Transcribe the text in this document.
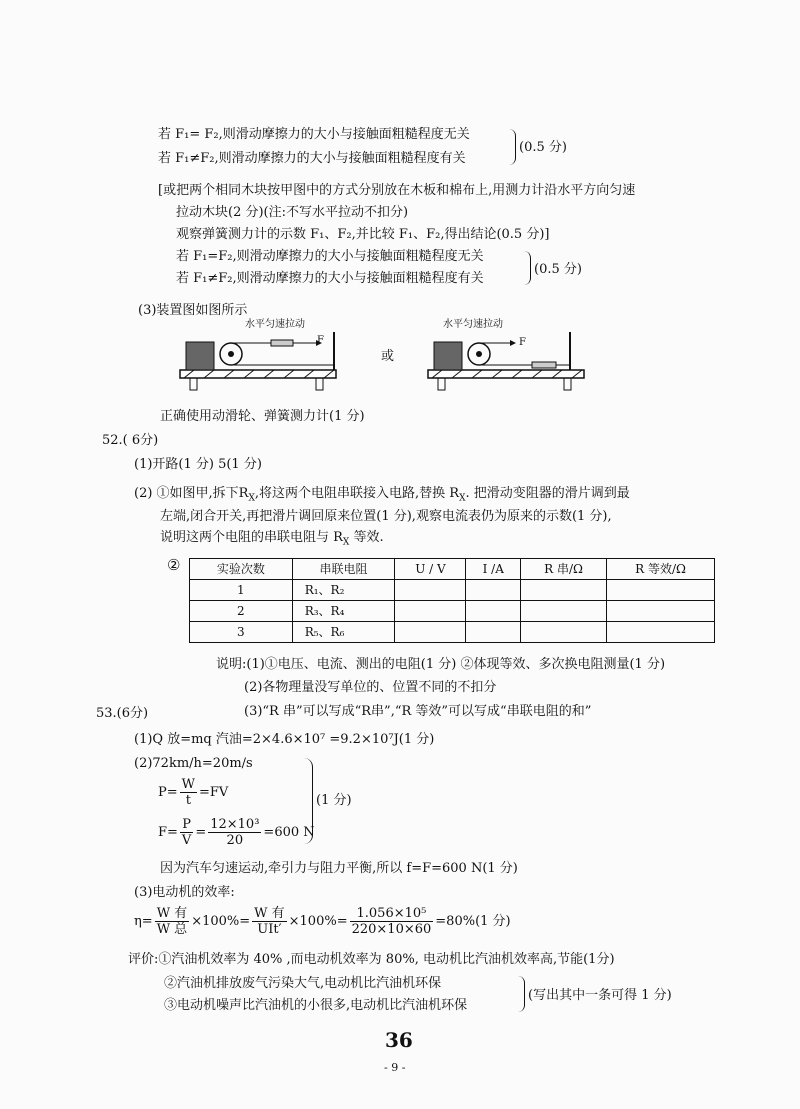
若 F₁= F₂,则滑动摩擦力的大小与接触面粗糙程度无关
若 F₁≠F₂,则滑动摩擦力的大小与接触面粗糙程度有关
(0.5 分)
[或把两个相同木块按甲图中的方式分别放在木板和棉布上,用测力计沿水平方向匀速
拉动木块(2 分)(注:不写水平拉动不扣分)
观察弹簧测力计的示数 F₁、F₂,并比较 F₁、F₂,得出结论(0.5 分)]
若 F₁=F₂,则滑动摩擦力的大小与接触面粗糙程度无关
若 F₁≠F₂,则滑动摩擦力的大小与接触面粗糙程度有关
(0.5 分)
(3)装置图如图所示
水平匀速拉动
F
或
水平匀速拉动
F
正确使用动滑轮、弹簧测力计(1 分)
52.( 6分)
(1)开路(1 分) 5(1 分)
(2) ①如图甲,拆下$R_X$,将这两个电阻串联接入电路,替换 $R_X$. 把滑动变阻器的滑片调到最
左端,闭合开关,再把滑片调回原来位置(1 分),观察电流表仍为原来的示数(1 分),
说明这两个电阻的串联电阻与 $R_X$ 等效.
②	实验次数	串联电阻	U / V	I /A	R 串/Ω	R 等效/Ω
1	R₁、R₂				
2	R₃、R₄				
3	R₅、R₆				
说明:(1)①电压、电流、测出的电阻(1 分) ②体现等效、多次换电阻测量(1 分)
(2)各物理量没写单位的、位置不同的不扣分
(3)“R 串”可以写成“R串”,“R 等效”可以写成“串联电阻的和”
53.(6分)
(1)Q 放=mq 汽油=2×4.6×10⁷ =9.2×10⁷J(1 分)
(2)72km/h=20m/s
$P= \frac{W}{t} =FV$
$F= \frac{P}{V} = \frac{\text{12×10³}}{20} =600$ N
(1 分)
因为汽车匀速运动,牵引力与阻力平衡,所以 f=F=600 N(1 分)
(3)电动机的效率:
$\eta= \frac{\text{W 有}}{\text{W 总}} \times 100\%= \frac{\text{W 有}}{\text{UIt′}} \times 100\%= \frac{\text{1.056×10⁵}}{220\times 10\times 60} =80\%(1$ 分)
评价:①汽油机效率为 40% ,而电动机效率为 80%, 电动机比汽油机效率高,节能(1分)
②汽油机排放废气污染大气,电动机比汽油机环保
③电动机噪声比汽油机的小很多,电动机比汽油机环保
(写出其中一条可得 1 分)
36
- 9 -
